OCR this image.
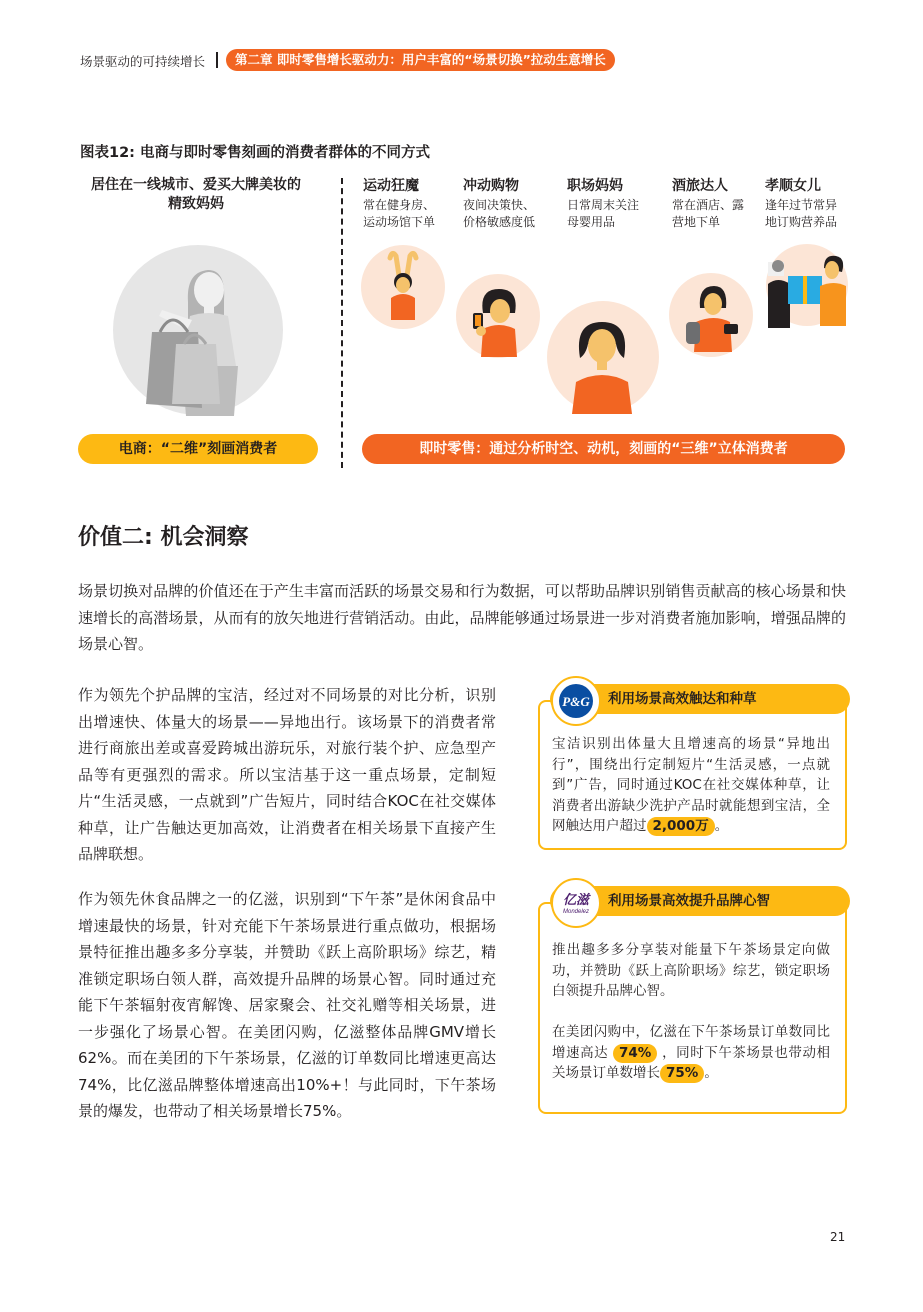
场景驱动的可持续增长	第二章 即时零售增长驱动力：用户丰富的“场景切换”拉动生意增长
图表12: 电商与即时零售刻画的消费者群体的不同方式
居住在一线城市、爱买大牌美妆的精致妈妈
运动狂魔
常在健身房、运动场馆下单
冲动购物
夜间决策快、价格敏感度低
职场妈妈
日常周末关注母婴用品
酒旅达人
常在酒店、露营地下单
孝顺女儿
逢年过节常异地订购营养品
电商：“二维”刻画消费者	即时零售：通过分析时空、动机，刻画的“三维”立体消费者
价值二: 机会洞察
场景切换对品牌的价值还在于产生丰富而活跃的场景交易和行为数据，可以帮助品牌识别销售贡献高的核心场景和快速增长的高潜场景，从而有的放矢地进行营销活动。由此，品牌能够通过场景进一步对消费者施加影响，增强品牌的场景心智。
作为领先个护品牌的宝洁，经过对不同场景的对比分析，识别出增速快、体量大的场景——异地出行。该场景下的消费者常进行商旅出差或喜爱跨城出游玩乐，对旅行装个护、应急型产品等有更强烈的需求。所以宝洁基于这一重点场景，定制短片“生活灵感，一点就到”广告短片，同时结合KOC在社交媒体种草，让广告触达更加高效，让消费者在相关场景下直接产生品牌联想。
作为领先休食品牌之一的亿滋，识别到“下午茶”是休闲食品中增速最快的场景，针对充能下午茶场景进行重点做功，根据场景特征推出趣多多分享装，并赞助《跃上高阶职场》综艺，精准锁定职场白领人群，高效提升品牌的场景心智。同时通过充能下午茶辐射夜宵解馋、居家聚会、社交礼赠等相关场景，进一步强化了场景心智。在美团闪购，亿滋整体品牌GMV增长62%。而在美团的下午茶场景，亿滋的订单数同比增速更高达74%，比亿滋品牌整体增速高出10%+！与此同时，下午茶场景的爆发，也带动了相关场景增长75%。
利用场景高效触达和种草
P&G
宝洁识别出体量大且增速高的场景“异地出行”，围绕出行定制短片“生活灵感，一点就到”广告，同时通过KOC在社交媒体种草，让消费者出游缺少洗护产品时就能想到宝洁，全网触达用户超过 2,000万 。
利用场景高效提升品牌心智
亿滋
Mondelez
推出趣多多分享装对能量下午茶场景定向做功，并赞助《跃上高阶职场》综艺，锁定职场白领提升品牌心智。
在美团闪购中，亿滋在下午茶场景订单数同比增速高达 74% ，同时下午茶场景也带动相关场景订单数增长 75% 。
21
